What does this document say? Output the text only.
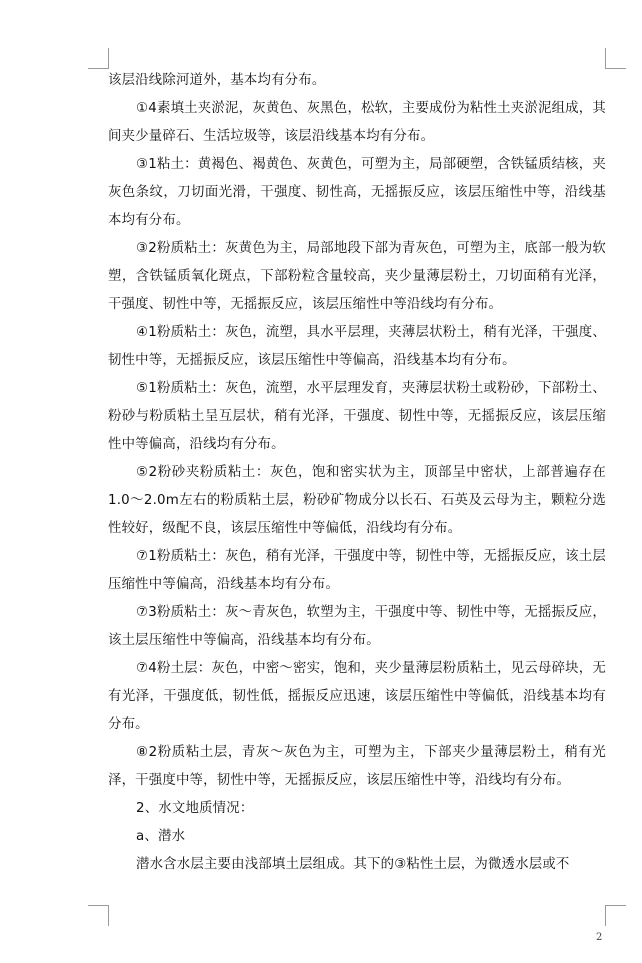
该层沿线除河道外，基本均有分布。

①4素填土夹淤泥，灰黄色、灰黑色，松软，主要成份为粘性土夹淤泥组成，其间夹少量碎石、生活垃圾等，该层沿线基本均有分布。

③1粘土：黄褐色、褐黄色、灰黄色，可塑为主，局部硬塑，含铁锰质结核，夹灰色条纹，刀切面光滑，干强度、韧性高，无摇振反应，该层压缩性中等，沿线基本均有分布。

③2粉质粘土：灰黄色为主，局部地段下部为青灰色，可塑为主，底部一般为软塑，含铁锰质氧化斑点，下部粉粒含量较高，夹少量薄层粉土，刀切面稍有光泽，干强度、韧性中等，无摇振反应，该层压缩性中等沿线均有分布。

④1粉质粘土：灰色，流塑，具水平层理，夹薄层状粉土，稍有光泽，干强度、韧性中等，无摇振反应，该层压缩性中等偏高，沿线基本均有分布。

⑤1粉质粘土：灰色，流塑，水平层理发育，夹薄层状粉土或粉砂，下部粉土、粉砂与粉质粘土呈互层状，稍有光泽，干强度、韧性中等，无摇振反应，该层压缩性中等偏高，沿线均有分布。

⑤2粉砂夹粉质粘土：灰色，饱和密实状为主，顶部呈中密状，上部普遍存在1.0～2.0m左右的粉质粘土层，粉砂矿物成分以长石、石英及云母为主，颗粒分选性较好，级配不良，该层压缩性中等偏低，沿线均有分布。

⑦1粉质粘土：灰色，稍有光泽，干强度中等，韧性中等，无摇振反应，该土层压缩性中等偏高，沿线基本均有分布。

⑦3粉质粘土：灰～青灰色，软塑为主，干强度中等、韧性中等，无摇振反应，该土层压缩性中等偏高，沿线基本均有分布。

⑦4粉土层：灰色，中密～密实，饱和，夹少量薄层粉质粘土，见云母碎块，无有光泽，干强度低，韧性低，摇振反应迅速，该层压缩性中等偏低，沿线基本均有分布。

⑧2粉质粘土层，青灰～灰色为主，可塑为主，下部夹少量薄层粉土，稍有光泽，干强度中等，韧性中等，无摇振反应，该层压缩性中等，沿线均有分布。

2、水文地质情况：

a、潜水

潜水含水层主要由浅部填土层组成。其下的③粘性土层，为微透水层或不

2
